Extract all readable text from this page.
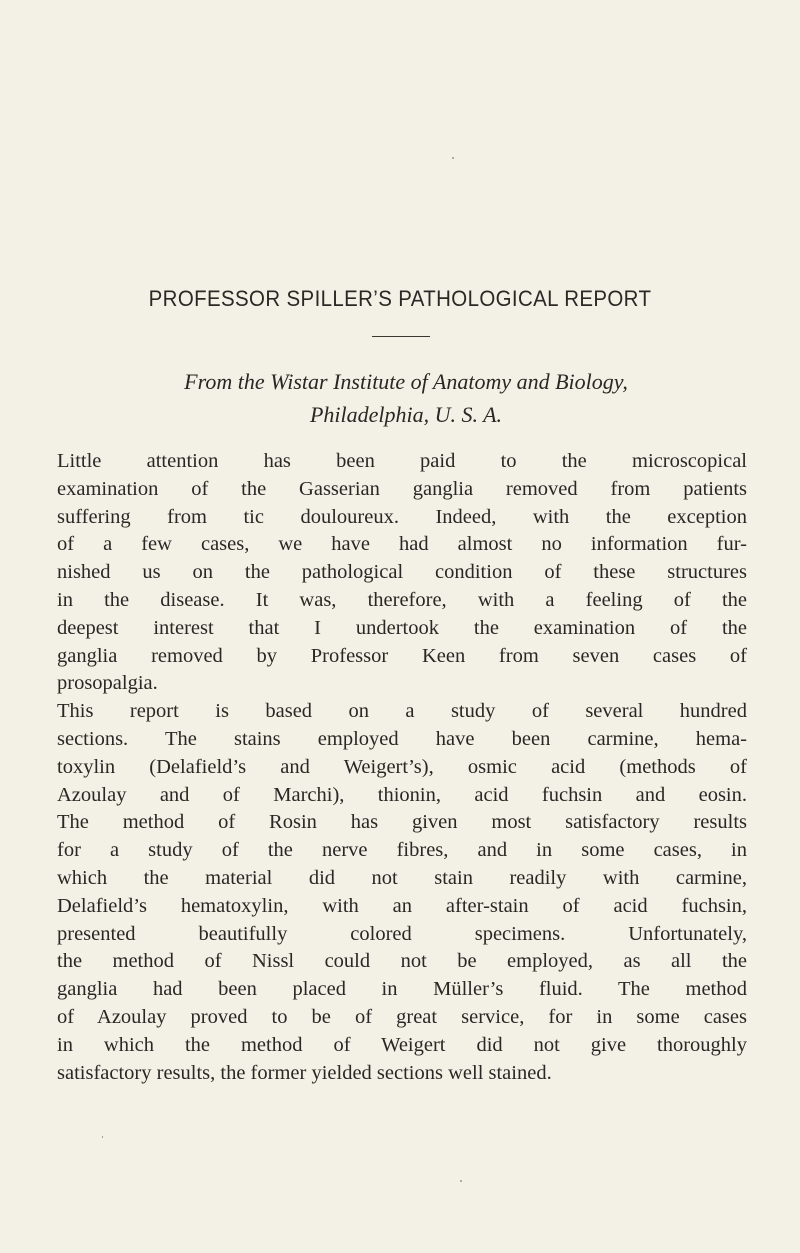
PROFESSOR SPILLER’S PATHOLOGICAL REPORT
From the Wistar Institute of Anatomy and Biology,
Philadelphia, U. S. A.
Little attention has been paid to the microscopical
examination of the Gasserian ganglia removed from patients
suffering from tic douloureux. Indeed, with the exception
of a few cases, we have had almost no information fur-
nished us on the pathological condition of these structures
in the disease. It was, therefore, with a feeling of the
deepest interest that I undertook the examination of the
ganglia removed by Professor Keen from seven cases of
prosopalgia.
This report is based on a study of several hundred
sections. The stains employed have been carmine, hema-
toxylin (Delafield’s and Weigert’s), osmic acid (methods of
Azoulay and of Marchi), thionin, acid fuchsin and eosin.
The method of Rosin has given most satisfactory results
for a study of the nerve fibres, and in some cases, in
which the material did not stain readily with carmine,
Delafield’s hematoxylin, with an after-stain of acid fuchsin,
presented beautifully colored specimens. Unfortunately,
the method of Nissl could not be employed, as all the
ganglia had been placed in Müller’s fluid. The method
of Azoulay proved to be of great service, for in some cases
in which the method of Weigert did not give thoroughly
satisfactory results, the former yielded sections well stained.
